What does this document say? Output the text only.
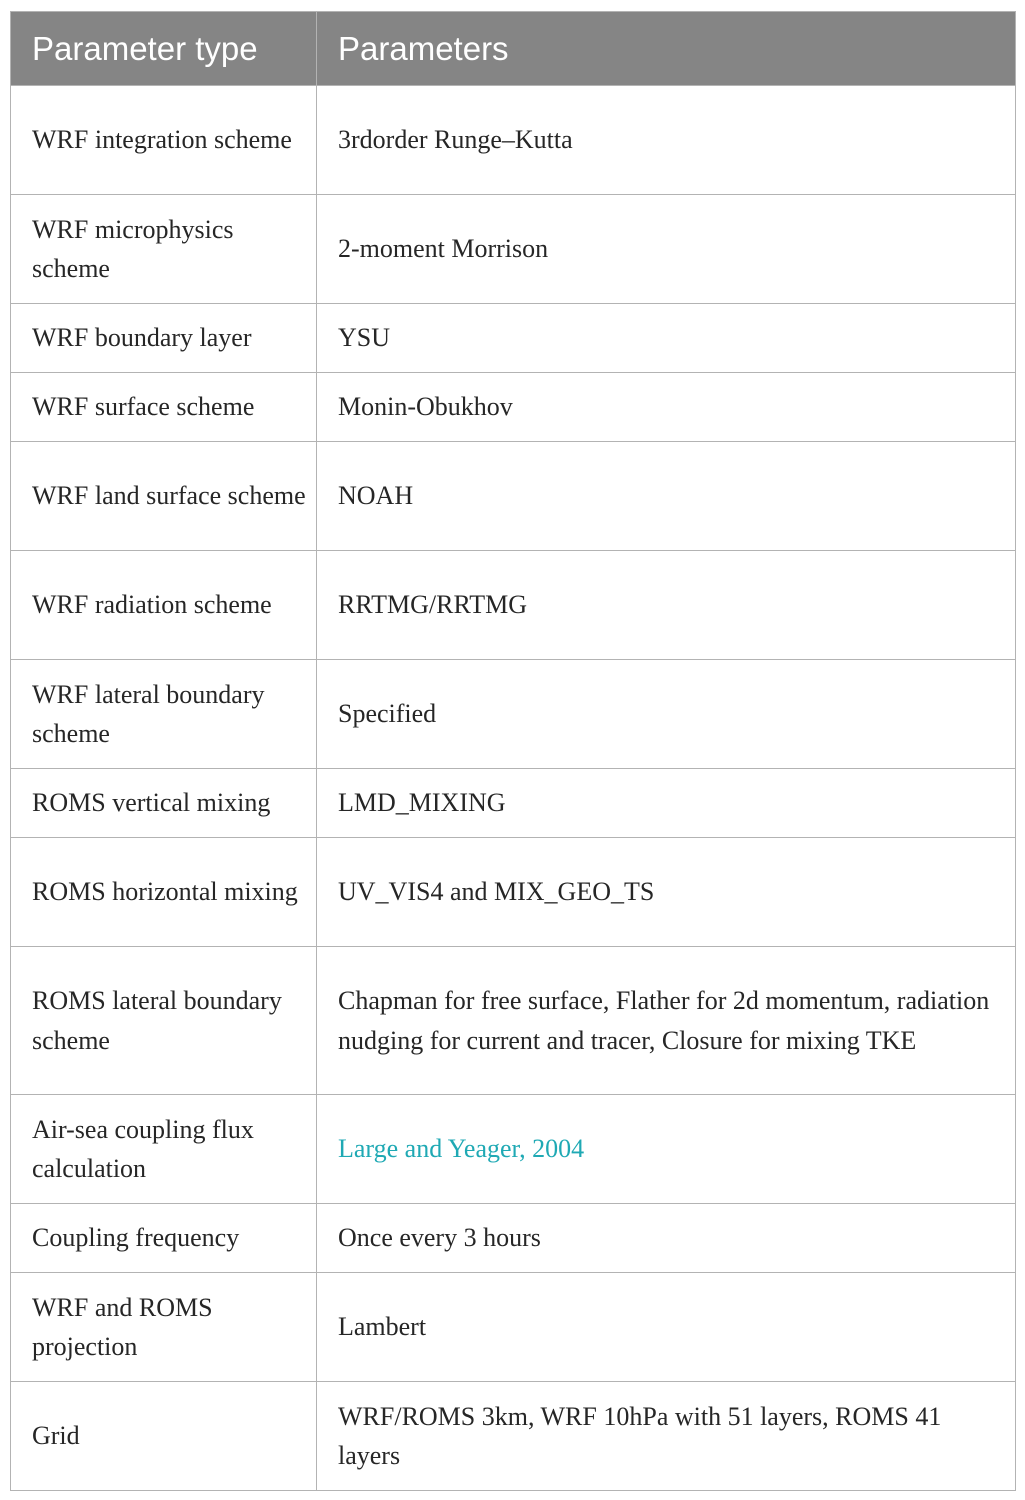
Parameter type	Parameters
WRF integration scheme	3rdorder Runge–Kutta
WRF microphysics scheme	2-moment Morrison
WRF boundary layer	YSU
WRF surface scheme	Monin-Obukhov
WRF land surface scheme	NOAH
WRF radiation scheme	RRTMG/RRTMG
WRF lateral boundary scheme	Specified
ROMS vertical mixing	LMD_MIXING
ROMS horizontal mixing	UV_VIS4 and MIX_GEO_TS
ROMS lateral boundary scheme	Chapman for free surface, Flather for 2d momentum, radiation nudging for current and tracer, Closure for mixing TKE
Air-sea coupling flux calculation	Large and Yeager, 2004
Coupling frequency	Once every 3 hours
WRF and ROMS projection	Lambert
Grid	WRF/ROMS 3km, WRF 10hPa with 51 layers, ROMS 41 layers
